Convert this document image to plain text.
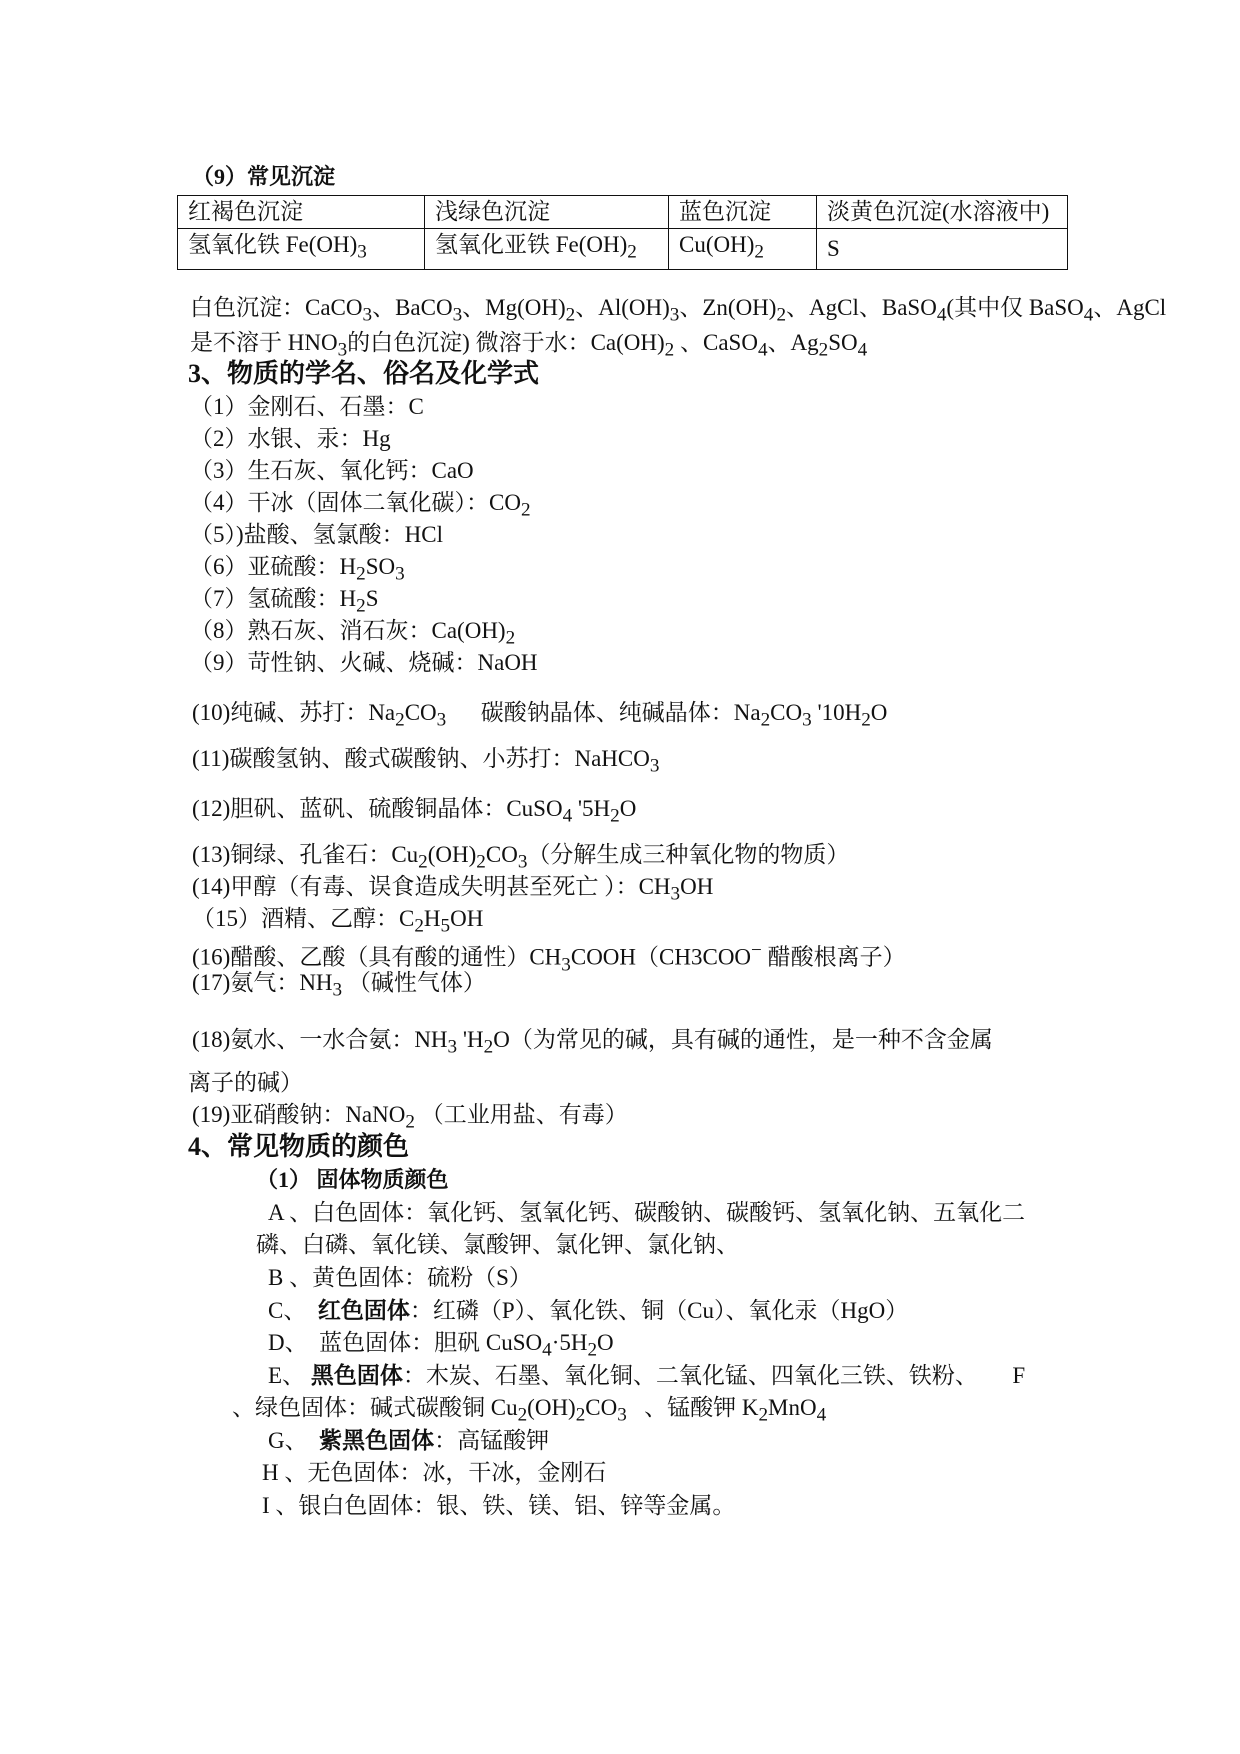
（9）常见沉淀
红褐色沉淀	浅绿色沉淀	蓝色沉淀	淡黄色沉淀(水溶液中)
氢氧化铁 $Fe(OH)_3$	氢氧化亚铁 $Fe(OH)_2$	$Cu(OH)_2$	S
白色沉淀：CaCO$_3$、BaCO$_3$、$Mg(OH)_2$、$Al(OH)_3$、$Zn(OH)_2$、AgCl、BaSO$_4$(其中仅 BaSO$_4$、AgCl
是不溶于 $HNO_3$的白色沉淀) 微溶于水：$Ca(OH)_2$ 、CaSO$_4$、$Ag_2SO_4$
3、物质的学名、俗名及化学式
（1）金刚石、石墨：C
（2）水银、汞：Hg
（3）生石灰、氧化钙：CaO
（4）干冰（固体二氧化碳）：$CO_2$
（5）)盐酸、氢氯酸：HCl
（6）亚硫酸：$H_2SO_3$
（7）氢硫酸：$H_2S$
（8）熟石灰、消石灰：$Ca(OH)_2$
（9）苛性钠、火碱、烧碱：NaOH
(10)纯碱、苏打：$Na_2CO_3$      碳酸钠晶体、纯碱晶体：$Na_2CO_3$ '$10H_2O$
(11)碳酸氢钠、酸式碳酸钠、小苏打：NaHCO$_3$
(12)胆矾、蓝矾、硫酸铜晶体：CuSO$_4$ '$5H_2O$
(13)铜绿、孔雀石：$Cu_2(OH)_2CO_3$（分解生成三种氧化物的物质）
(14)甲醇（有毒、误食造成失明甚至死亡 ）：$CH_3OH$
（15）酒精、乙醇：$C_2H_5OH$
(16)醋酸、乙酸（具有酸的通性）$CH_3COOH(CH3COO^-$ 醋酸根离子）
(17)氨气：$NH_3$ （碱性气体）
(18)氨水、一水合氨：$NH_3$ '$H_2O$（为常见的碱，具有碱的通性，是一种不含金属
离子的碱）
(19)亚硝酸钠：NaNO$_2$ （工业用盐、有毒）
4、常见物质的颜色
（1） 固体物质颜色
A 、白色固体：氧化钙、氢氧化钙、碳酸钠、碳酸钙、氢氧化钠、五氧化二
磷、白磷、氧化镁、氯酸钾、氯化钾、氯化钠、
B 、黄色固体：硫粉（S）
C、  红色固体：红磷（P）、氧化铁、铜（Cu）、氧化汞（HgO）
D、  蓝色固体：胆矾 $CuSO_4\cdot 5H_2O$
E、 黑色固体：木炭、石墨、氧化铜、二氧化锰、四氧化三铁、铁粉、      F
、绿色固体：碱式碳酸铜 $Cu_2(OH)_2CO_3$   、锰酸钾 $K_2MnO_4$
G、  紫黑色固体：高锰酸钾
H 、无色固体：冰，干冰，金刚石
I 、银白色固体：银、铁、镁、铝、锌等金属。
